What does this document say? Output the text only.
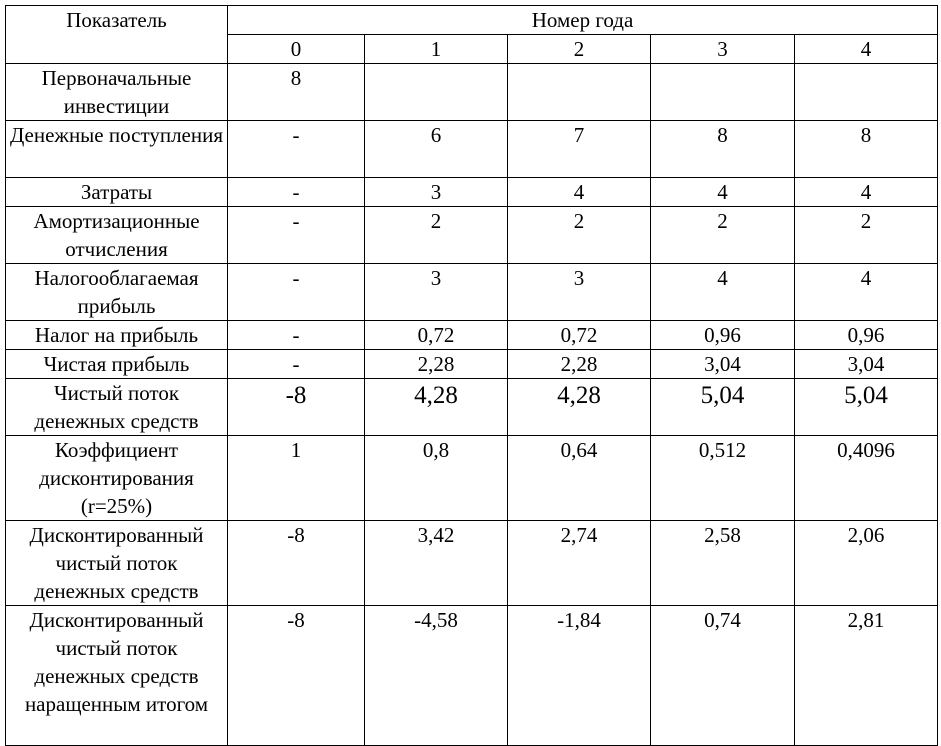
Показатель	Номер года				
	0	1	2	3	4
Первоначальные инвестиции	8				
Денежные поступления	-	6	7	8	8
Затраты	-	3	4	4	4
Амортизационные отчисления	-	2	2	2	2
Налогооблагаемая прибыль	-	3	3	4	4
Налог на прибыль	-	0,72	0,72	0,96	0,96
Чистая прибыль	-	2,28	2,28	3,04	3,04
Чистый поток денежных средств	-8	4,28	4,28	5,04	5,04
Коэффициент дисконтирования (r=25%)	1	0,8	0,64	0,512	0,4096
Дисконтированный чистый поток денежных средств	-8	3,42	2,74	2,58	2,06
Дисконтированный чистый поток денежных средств наращенным итогом	-8	-4,58	-1,84	0,74	2,81
